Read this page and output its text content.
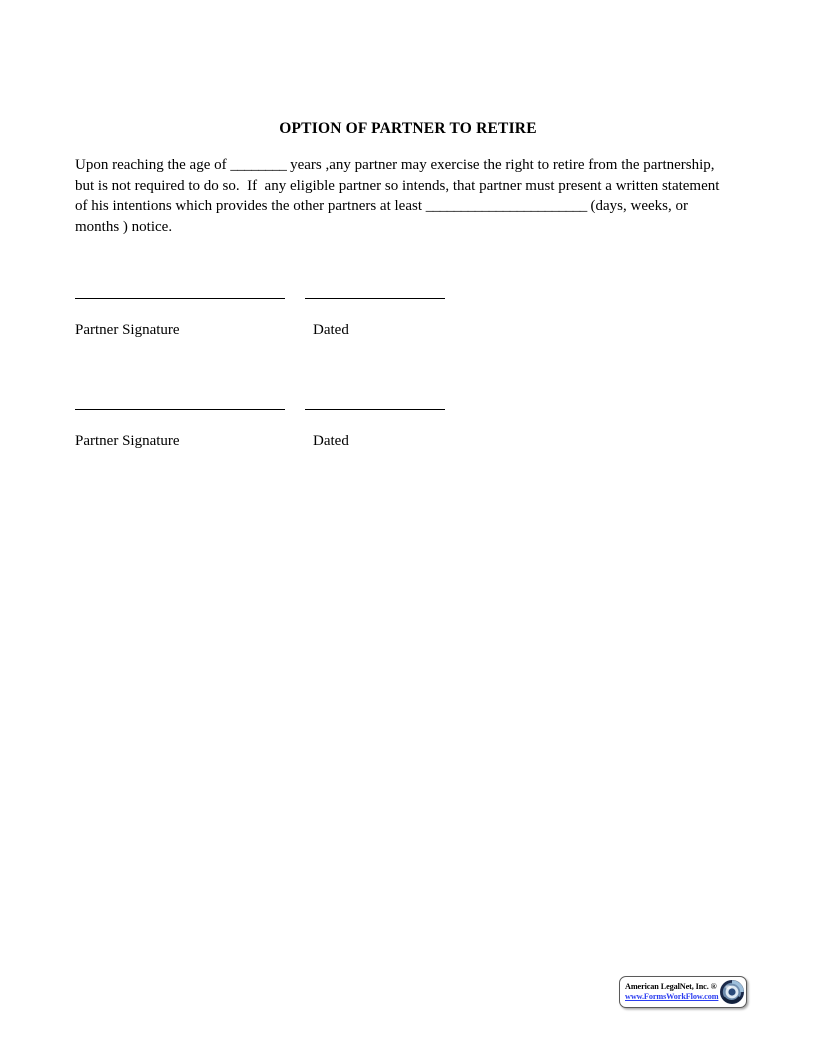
OPTION OF PARTNER TO RETIRE
Upon reaching the age of ________ years ,any partner may exercise the right to retire from the partnership,
but is not required to do so.  If  any eligible partner so intends, that partner must present a written statement
of his intentions which provides the other partners at least _______________________ (days, weeks, or
months ) notice.
Partner Signature	Dated
Partner Signature	Dated
American LegalNet, Inc. ®
www.FormsWorkFlow.com
